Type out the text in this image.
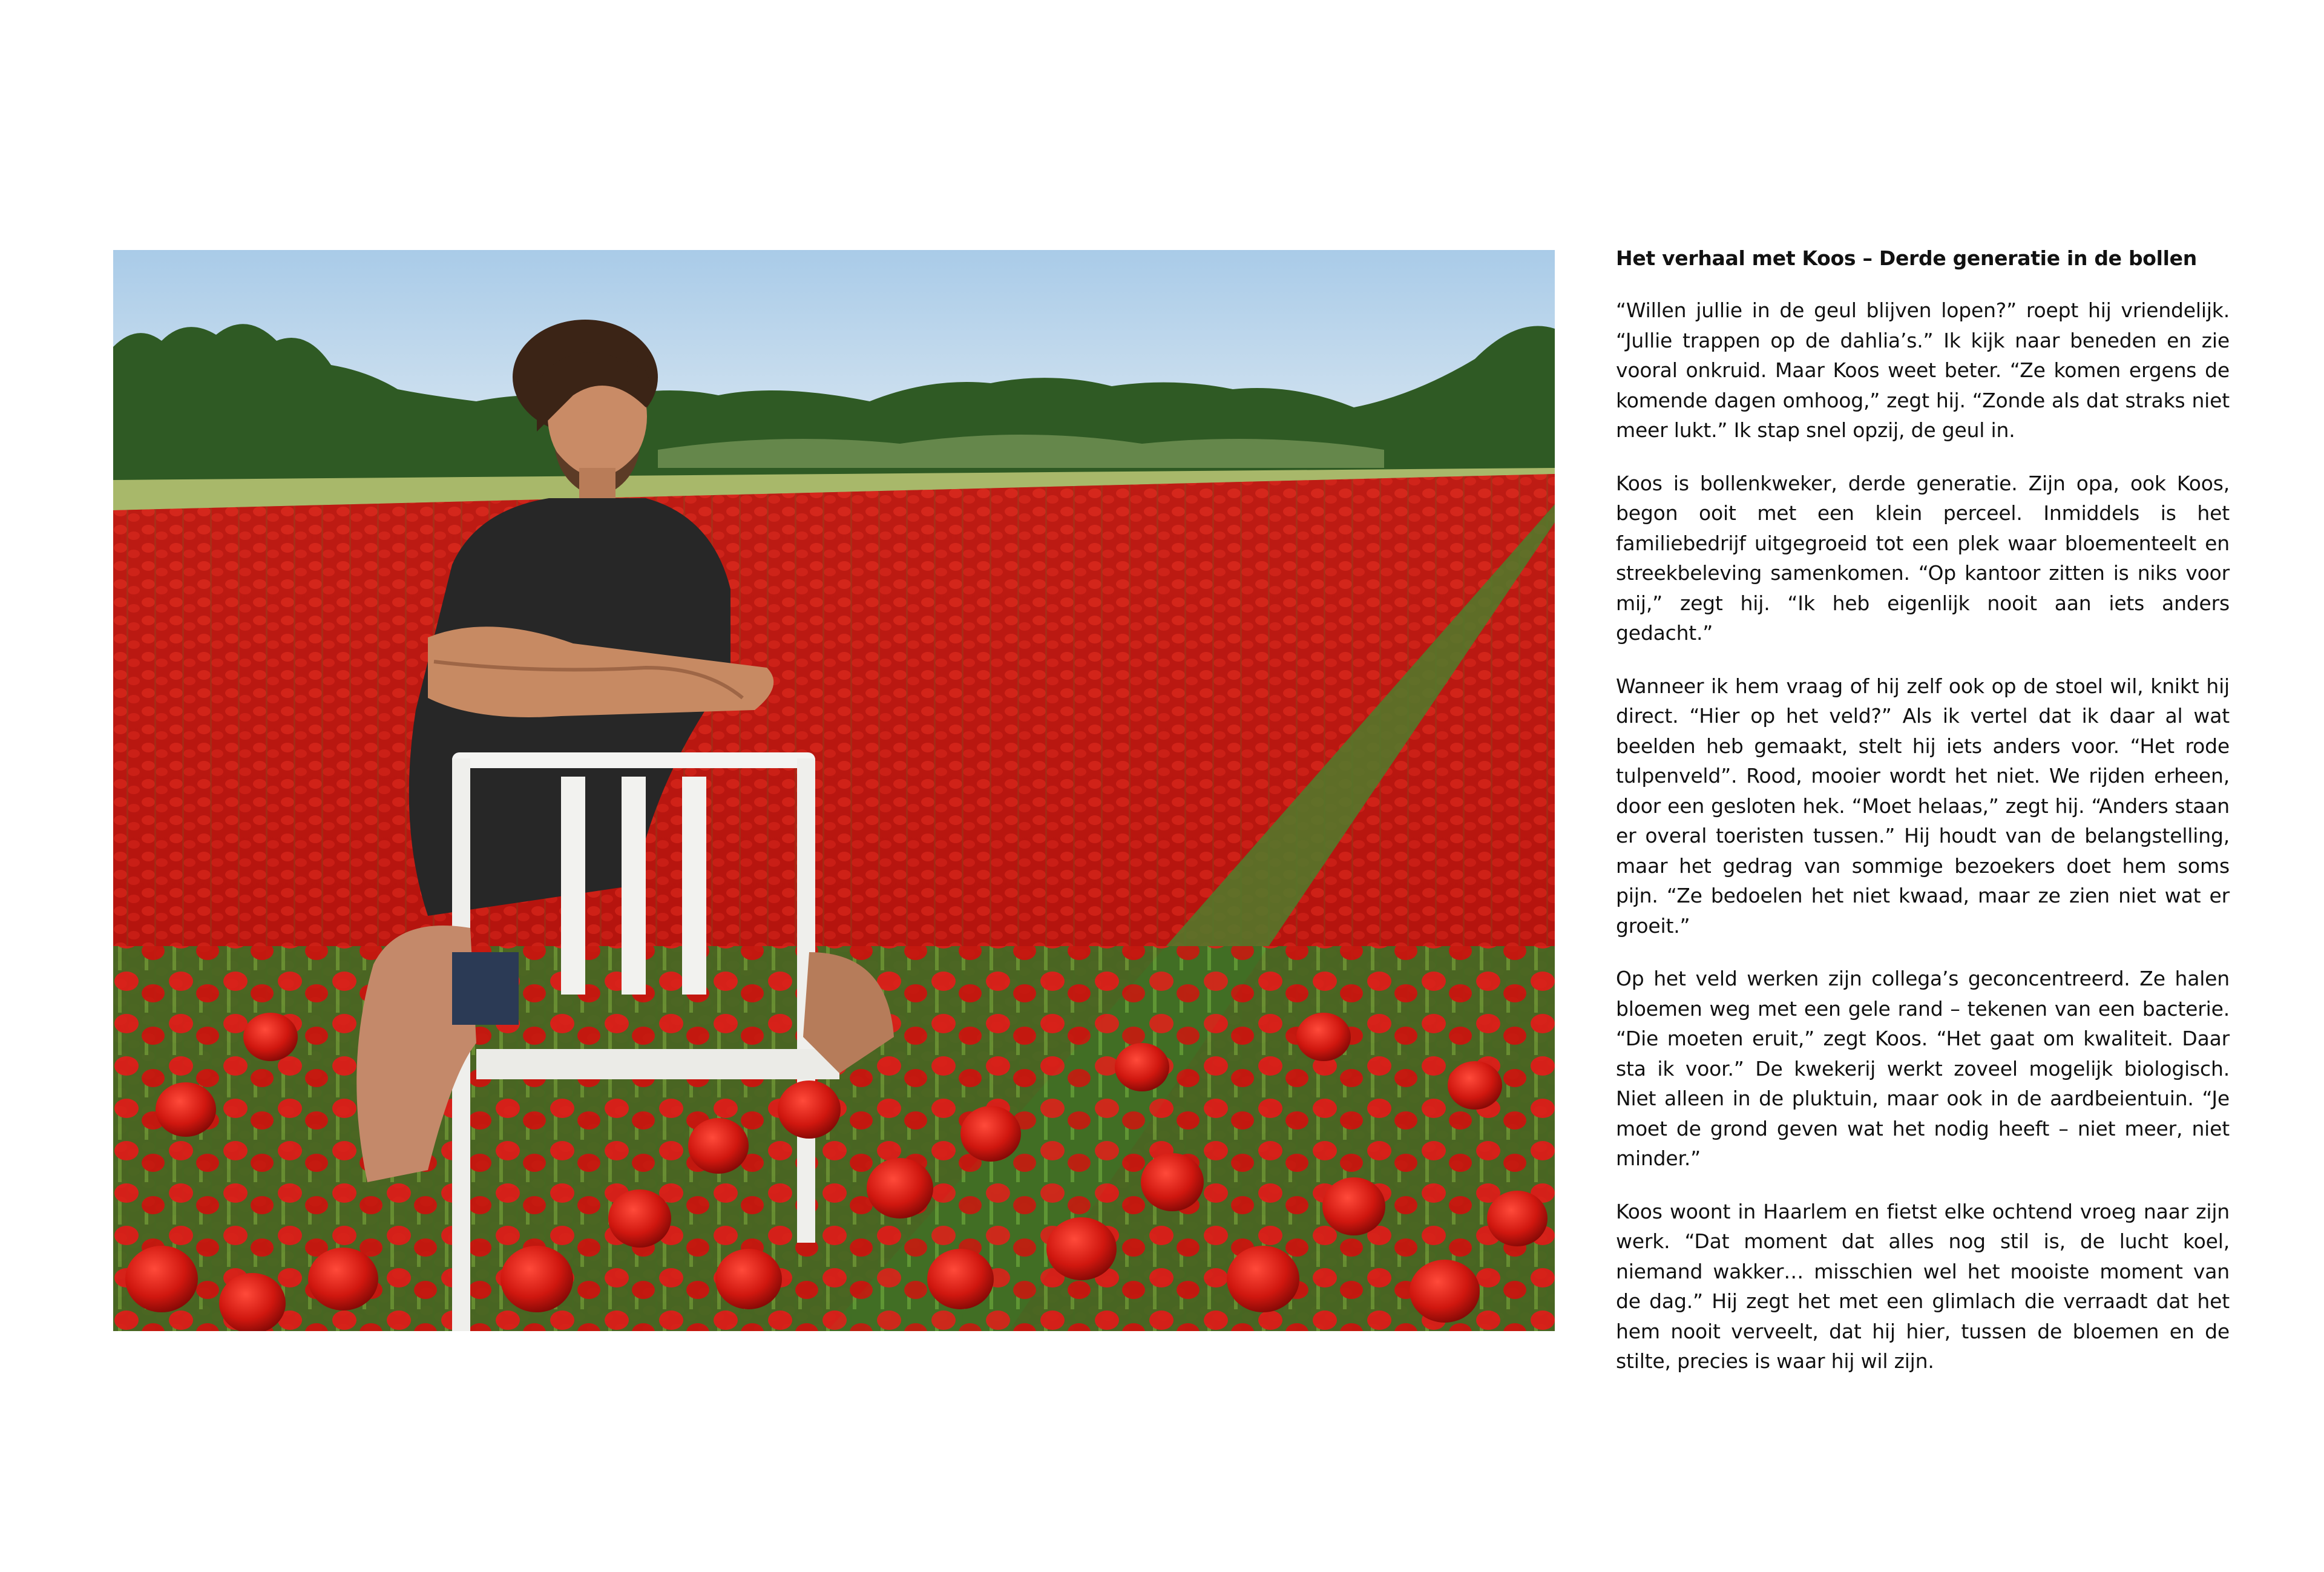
Het verhaal met Koos – Derde generatie in de bollen

“Willen jullie in de geul blijven lopen?” roept hij vriendelijk. “Jullie trappen op de dahlia’s.” Ik kijk naar beneden en zie vooral onkruid. Maar Koos weet beter. “Ze komen ergens de komende dagen omhoog,” zegt hij. “Zonde als dat straks niet meer lukt.” Ik stap snel opzij, de geul in.

Koos is bollenkweker, derde generatie. Zijn opa, ook Koos, begon ooit met een klein perceel. Inmiddels is het familiebedrijf uitgegroeid tot een plek waar bloementeelt en streekbeleving samenkomen. “Op kantoor zitten is niks voor mij,” zegt hij. “Ik heb eigenlijk nooit aan iets anders gedacht.”

Wanneer ik hem vraag of hij zelf ook op de stoel wil, knikt hij direct. “Hier op het veld?” Als ik vertel dat ik daar al wat beelden heb gemaakt, stelt hij iets anders voor. “Het rode tulpenveld”. Rood, mooier wordt het niet. We rijden erheen, door een gesloten hek. “Moet helaas,” zegt hij. “Anders staan er overal toeristen tussen.” Hij houdt van de belangstelling, maar het gedrag van sommige bezoekers doet hem soms pijn. “Ze bedoelen het niet kwaad, maar ze zien niet wat er groeit.”

Op het veld werken zijn collega’s geconcentreerd. Ze halen bloemen weg met een gele rand – tekenen van een bacterie. “Die moeten eruit,” zegt Koos. “Het gaat om kwaliteit. Daar sta ik voor.” De kwekerij werkt zoveel mogelijk biologisch. Niet alleen in de pluktuin, maar ook in de aardbeientuin. “Je moet de grond geven wat het nodig heeft – niet meer, niet minder.”

Koos woont in Haarlem en fietst elke ochtend vroeg naar zijn werk. “Dat moment dat alles nog stil is, de lucht koel, niemand wakker… misschien wel het mooiste moment van de dag.” Hij zegt het met een glimlach die verraadt dat het hem nooit verveelt, dat hij hier, tussen de bloemen en de stilte, precies is waar hij wil zijn.
